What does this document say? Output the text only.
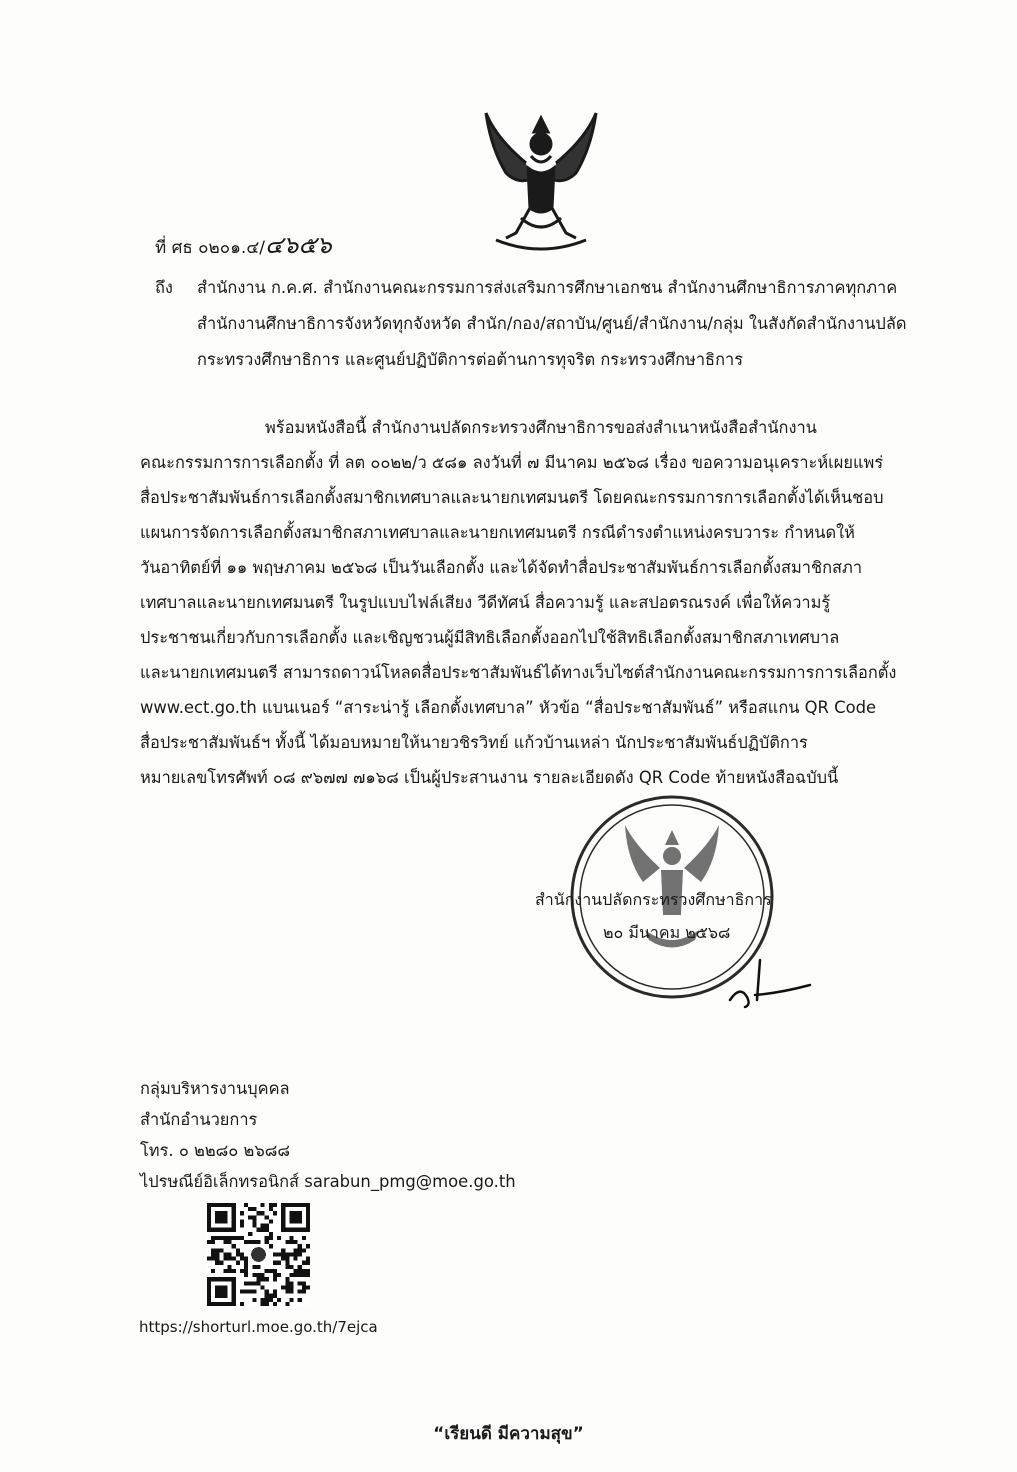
ที่ ศธ ๐๒๐๑.๔/๔๖๕๖
ถึง สำนักงาน ก.ค.ศ. สำนักงานคณะกรรมการส่งเสริมการศึกษาเอกชน สำนักงานศึกษาธิการภาคทุกภาค
สำนักงานศึกษาธิการจังหวัดทุกจังหวัด สำนัก/กอง/สถาบัน/ศูนย์/สำนักงาน/กลุ่ม ในสังกัดสำนักงานปลัด
กระทรวงศึกษาธิการ และศูนย์ปฏิบัติการต่อต้านการทุจริต กระทรวงศึกษาธิการ

พร้อมหนังสือนี้ สำนักงานปลัดกระทรวงศึกษาธิการขอส่งสำเนาหนังสือสำนักงาน

คณะกรรมการการเลือกตั้ง ที่ ลต ๐๐๒๒/ว ๕๘๑ ลงวันที่ ๗ มีนาคม ๒๕๖๘ เรื่อง ขอความอนุเคราะห์เผยแพร่

สื่อประชาสัมพันธ์การเลือกตั้งสมาชิกเทศบาลและนายกเทศมนตรี โดยคณะกรรมการการเลือกตั้งได้เห็นชอบ

แผนการจัดการเลือกตั้งสมาชิกสภาเทศบาลและนายกเทศมนตรี กรณีดำรงตำแหน่งครบวาระ กำหนดให้

วันอาทิตย์ที่ ๑๑ พฤษภาคม ๒๕๖๘ เป็นวันเลือกตั้ง และได้จัดทำสื่อประชาสัมพันธ์การเลือกตั้งสมาชิกสภา

เทศบาลและนายกเทศมนตรี ในรูปแบบไฟล์เสียง วีดีทัศน์ สื่อความรู้ และสปอตรณรงค์ เพื่อให้ความรู้

ประชาชนเกี่ยวกับการเลือกตั้ง และเชิญชวนผู้มีสิทธิเลือกตั้งออกไปใช้สิทธิเลือกตั้งสมาชิกสภาเทศบาล

และนายกเทศมนตรี สามารถดาวน์โหลดสื่อประชาสัมพันธ์ได้ทางเว็บไซต์สำนักงานคณะกรรมการการเลือกตั้ง

www.ect.go.th แบนเนอร์ “สาระน่ารู้ เลือกตั้งเทศบาล” หัวข้อ “สื่อประชาสัมพันธ์” หรือสแกน QR Code

สื่อประชาสัมพันธ์ฯ ทั้งนี้ ได้มอบหมายให้นายวชิรวิทย์ แก้วบ้านเหล่า นักประชาสัมพันธ์ปฏิบัติการ

หมายเลขโทรศัพท์ ๐๘ ๙๖๗๗ ๗๑๖๘ เป็นผู้ประสานงาน รายละเอียดดัง QR Code ท้ายหนังสือฉบับนี้

สำนักงานปลัดกระทรวงศึกษาธิการ
๒๐ มีนาคม ๒๕๖๘
กลุ่มบริหารงานบุคคล
สำนักอำนวยการ
โทร. ๐ ๒๒๘๐ ๒๖๘๘
ไปรษณีย์อิเล็กทรอนิกส์ sarabun_pmg@moe.go.th
https://shorturl.moe.go.th/7ejca
“เรียนดี มีความสุข”
